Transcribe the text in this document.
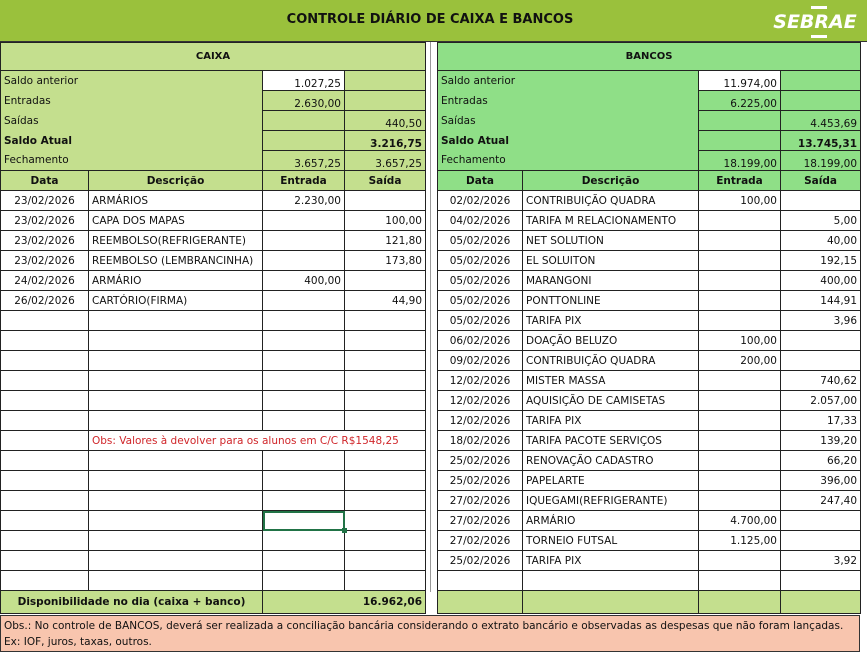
CONTROLE DIÁRIO DE CAIXA E BANCOS	SEBRAE
CAIXA			
Saldo anterior		1.027,25	
Entradas		2.630,00	
Saídas			440,50
Saldo Atual			3.216,75
Fechamento		3.657,25	3.657,25
Data	Descrição	Entrada	Saída
23/02/2026	ARMÁRIOS	2.230,00	
23/02/2026	CAPA DOS MAPAS		100,00
23/02/2026	REEMBOLSO(REFRIGERANTE)		121,80
23/02/2026	REEMBOLSO (LEMBRANCINHA)		173,80
24/02/2026	ARMÁRIO	400,00	
26/02/2026	CARTÓRIO(FIRMA)		44,90

	Obs: Valores à devolver para os alunos em C/C R$1548,25		

Disponibilidade no dia (caixa + banco)		16.962,06	
BANCOS			
Saldo anterior		11.974,00	
Entradas		6.225,00	
Saídas			4.453,69
Saldo Atual			13.745,31
Fechamento		18.199,00	18.199,00
Data	Descrição	Entrada	Saída
02/02/2026	CONTRIBUIÇÃO QUADRA	100,00	
04/02/2026	TARIFA M RELACIONAMENTO		5,00
05/02/2026	NET SOLUTION		40,00
05/02/2026	EL SOLUITON		192,15
05/02/2026	MARANGONI		400,00
05/02/2026	PONTTONLINE		144,91
05/02/2026	TARIFA PIX		3,96
06/02/2026	DOAÇÃO BELUZO	100,00	
09/02/2026	CONTRIBUIÇÃO QUADRA	200,00	
12/02/2026	MISTER MASSA		740,62
12/02/2026	AQUISIÇÃO DE CAMISETAS		2.057,00
12/02/2026	TARIFA PIX		17,33
18/02/2026	TARIFA PACOTE SERVIÇOS		139,20
25/02/2026	RENOVAÇÃO CADASTRO		66,20
25/02/2026	PAPELARTE		396,00
27/02/2026	IQUEGAMI(REFRIGERANTE)		247,40
27/02/2026	ARMÁRIO	4.700,00	
27/02/2026	TORNEIO FUTSAL	1.125,00	
25/02/2026	TARIFA PIX		3,92

Obs.: No controle de BANCOS, deverá ser realizada a conciliação bancária considerando o extrato bancário e observadas as despesas que não foram lançadas. Ex: IOF, juros, taxas, outros.
